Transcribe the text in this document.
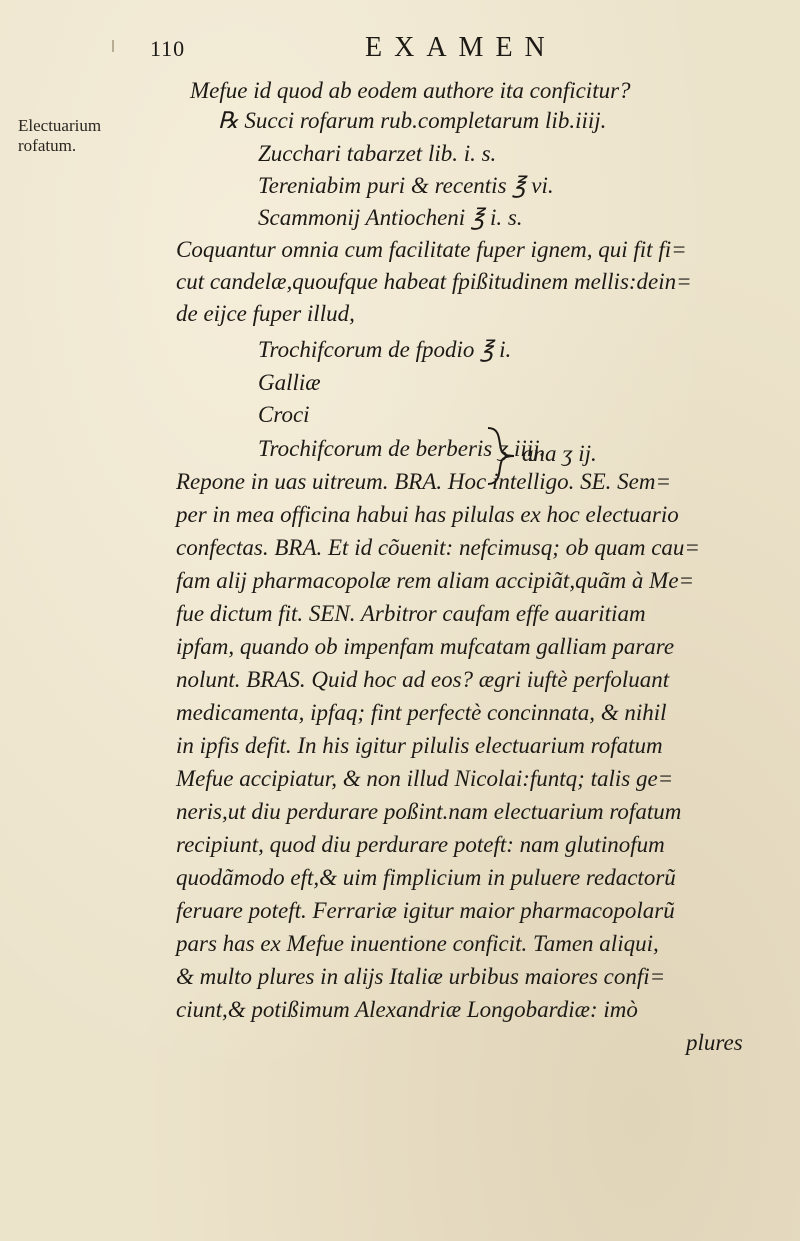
110	EXAMEN
Electuarium
rofatum.
Mefue id quod ab eodem authore ita conficitur?
℞ Succi rofarum rub.completarum lib.iiij.
Zucchari tabarzet lib. i. s.
Tereniabim puri & recentis ℥ vi.
Scammonij Antiocheni ℥ i. s.
Coquantur omnia cum facilitate fuper ignem, qui fit fi=
cut candelæ,quoufque habeat fpißitudinem mellis:dein=
de eijce fuper illud,
Trochifcorum de fpodio ℥ i.
Galliæ
Croci
Trochifcorum de berberis ʒ iiij.
Repone in uas uitreum. BRA. Hoc intelligo. SE. Sem=
per in mea officina habui has pilulas ex hoc electuario
confectas. BRA. Et id cõuenit: nefcimusq; ob quam cau=
fam alij pharmacopolæ rem aliam accipiãt,quãm à Me=
fue dictum fit. SEN. Arbitror caufam effe auaritiam
ipfam, quando ob impenfam mufcatam galliam parare
nolunt. BRAS. Quid hoc ad eos? ægri iuftè perfoluant
medicamenta, ipfaq; fint perfectè concinnata, & nihil
in ipfis defit. In his igitur pilulis electuarium rofatum
Mefue accipiatur, & non illud Nicolai:funtq; talis ge=
neris,ut diu perdurare poßint.nam electuarium rofatum
recipiunt, quod diu perdurare poteft: nam glutinofum
quodãmodo eft,& uim fimplicium in puluere redactorũ
feruare poteft. Ferrariæ igitur maior pharmacopolarũ
pars has ex Mefue inuentione conficit. Tamen aliqui,
& multo plures in alijs Italiæ urbibus maiores confi=
ciunt,& potißimum Alexandriæ Longobardiæ: imò
plures
ana ʒ ij.
